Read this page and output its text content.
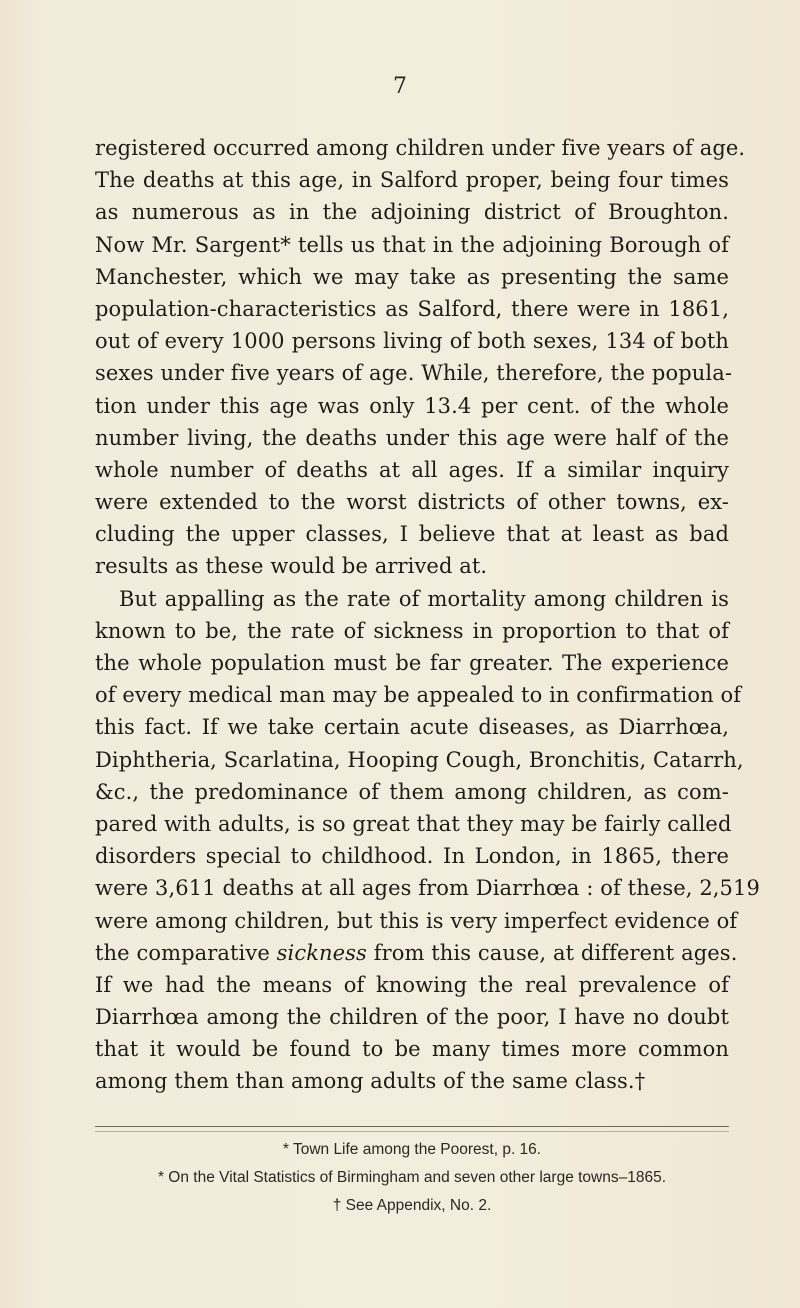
7
registered occurred among children under five years of age.
The deaths at this age, in Salford proper, being four times
as numerous as in the adjoining district of Broughton.
Now Mr. Sargent* tells us that in the adjoining Borough of
Manchester, which we may take as presenting the same
population-characteristics as Salford, there were in 1861,
out of every 1000 persons living of both sexes, 134 of both
sexes under five years of age. While, therefore, the popula-
tion under this age was only 13.4 per cent. of the whole
number living, the deaths under this age were half of the
whole number of deaths at all ages. If a similar inquiry
were extended to the worst districts of other towns, ex-
cluding the upper classes, I believe that at least as bad
results as these would be arrived at.
But appalling as the rate of mortality among children is
known to be, the rate of sickness in proportion to that of
the whole population must be far greater. The experience
of every medical man may be appealed to in confirmation of
this fact. If we take certain acute diseases, as Diarrhœa,
Diphtheria, Scarlatina, Hooping Cough, Bronchitis, Catarrh,
&c., the predominance of them among children, as com-
pared with adults, is so great that they may be fairly called
disorders special to childhood. In London, in 1865, there
were 3,611 deaths at all ages from Diarrhœa : of these, 2,519
were among children, but this is very imperfect evidence of
the comparative sickness from this cause, at different ages.
If we had the means of knowing the real prevalence of
Diarrhœa among the children of the poor, I have no doubt
that it would be found to be many times more common
among them than among adults of the same class.†
* Town Life among the Poorest, p. 16.
* On the Vital Statistics of Birmingham and seven other large towns–1865.
† See Appendix, No. 2.
